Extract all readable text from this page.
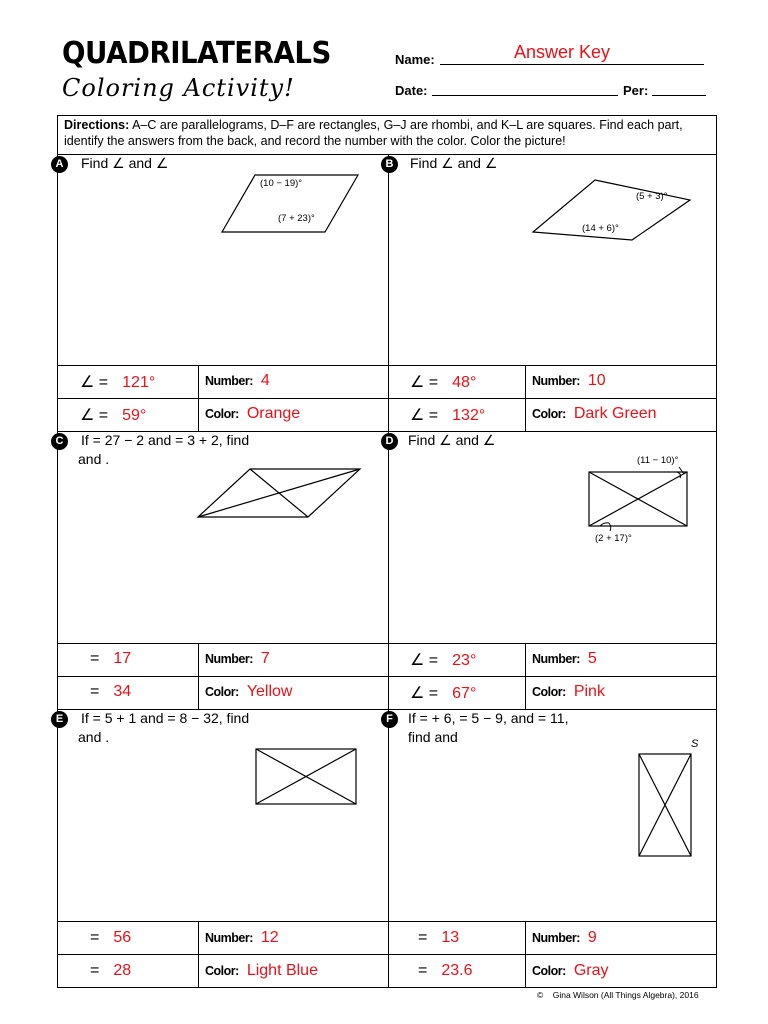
QUADRILATERALS
Coloring Activity!
Name:	Answer Key
Date:	Per:
Directions: A–C are parallelograms, D–F are rectangles, G–J are rhombi, and K–L are squares. Find each part, identify the answers from the back, and record the number with the color. Color the picture!
A	Find ∠ and ∠
(10 − 19)°
(7 + 23)°
∠ = 121°	Number: 4
∠ = 59°	Color: Orange
B	Find ∠ and ∠
(5 + 3)°
(14 + 6)°
∠ = 48°	Number: 10
∠ = 132°	Color: Dark Green
C	If = 27 − 2 and = 3 + 2, find
and .
= 17	Number: 7
= 34	Color: Yellow
D	Find ∠ and ∠
(11 − 10)°
(2 + 17)°
∠ = 23°	Number: 5
∠ = 67°	Color: Pink
E	If = 5 + 1 and = 8 − 32, find
and .
= 56	Number: 12
= 28	Color: Light Blue
F	If = + 6, = 5 − 9, and = 11,
find and	S
= 13	Number: 9
= 23.6	Color: Gray
© Gina Wilson (All Things Algebra), 2016
